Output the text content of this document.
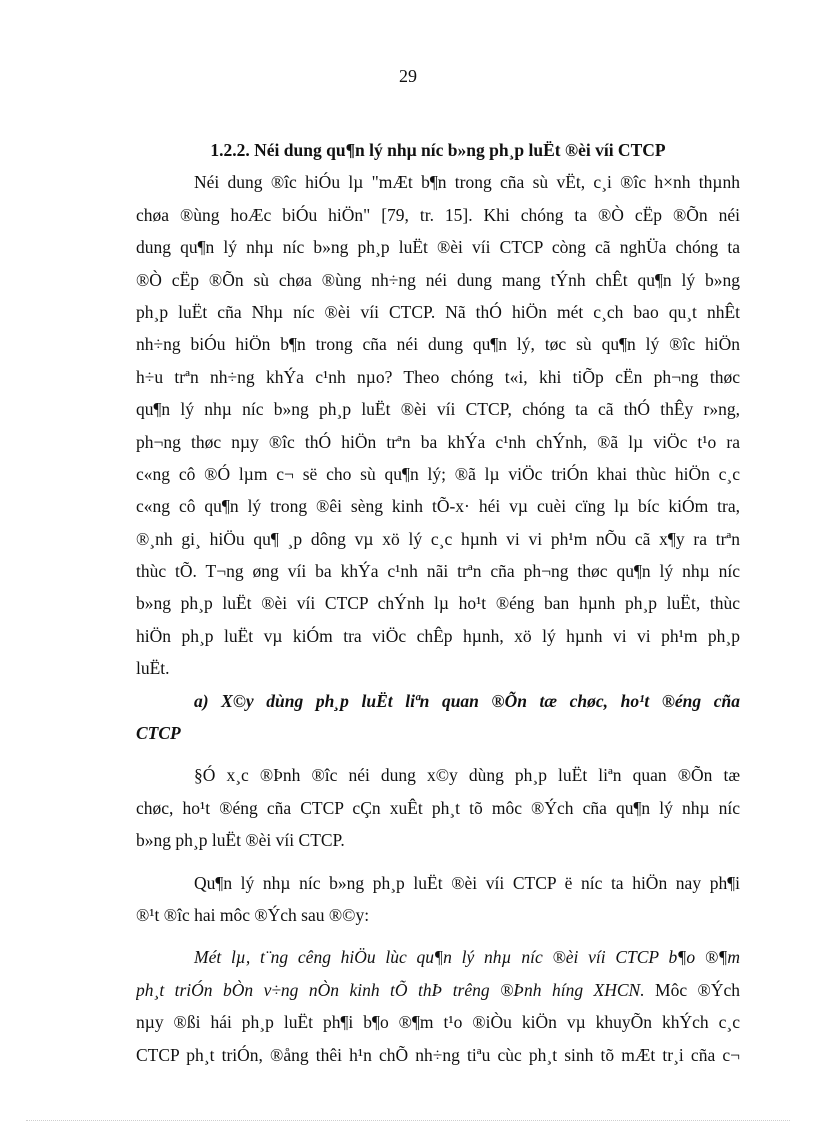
29
1.2.2. Néi dung qu¶n lý nhµ níc b»ng ph¸p luËt ®èi víi CTCP
Néi dung ®îc hiÓu lµ "mÆt b¶n trong cña sù vËt, c¸i ®îc h×nh thµnh
chøa ®ùng hoÆc biÓu hiÖn" [79, tr. 15]. Khi chóng ta ®Ò cËp ®Õn néi
dung qu¶n lý nhµ níc b»ng ph¸p luËt ®èi víi CTCP còng cã nghÜa chóng ta
®Ò cËp ®Õn sù chøa ®ùng nh÷ng néi dung mang tÝnh chÊt qu¶n lý b»ng
ph¸p luËt cña Nhµ níc ®èi víi CTCP. Nã thÓ hiÖn mét c¸ch bao qu¸t nhÊt
nh÷ng biÓu hiÖn b¶n trong cña néi dung qu¶n lý, tøc sù qu¶n lý ®îc hiÖn
h÷u trªn nh÷ng khÝa c¹nh nµo? Theo chóng t«i, khi tiÕp cËn ph¬ng thøc
qu¶n lý nhµ níc b»ng ph¸p luËt ®èi víi CTCP, chóng ta cã thÓ thÊy r»ng,
ph¬ng thøc nµy ®îc thÓ hiÖn trªn ba khÝa c¹nh chÝnh, ®ã lµ viÖc t¹o ra
c«ng cô ®Ó lµm c¬ së cho sù qu¶n lý; ®ã lµ viÖc triÓn khai thùc hiÖn c¸c
c«ng cô qu¶n lý trong ®êi sèng kinh tÕ-x· héi vµ cuèi cïng lµ bíc kiÓm tra,
®¸nh gi¸ hiÖu qu¶ ¸p dông vµ xö lý c¸c hµnh vi vi ph¹m nÕu cã x¶y ra trªn
thùc tÕ. T¬ng øng víi ba khÝa c¹nh nãi trªn cña ph¬ng thøc qu¶n lý nhµ níc
b»ng ph¸p luËt ®èi víi CTCP chÝnh lµ ho¹t ®éng ban hµnh ph¸p luËt, thùc
hiÖn ph¸p luËt vµ kiÓm tra viÖc chÊp hµnh, xö lý hµnh vi vi ph¹m ph¸p
luËt.
a) X©y dùng ph¸p luËt liªn quan ®Õn tæ chøc, ho¹t ®éng cña
CTCP
§Ó x¸c ®Þnh ®îc néi dung x©y dùng ph¸p luËt liªn quan ®Õn tæ
chøc, ho¹t ®éng cña CTCP cÇn xuÊt ph¸t tõ môc ®Ých cña qu¶n lý nhµ níc
b»ng ph¸p luËt ®èi víi CTCP.
Qu¶n lý nhµ níc b»ng ph¸p luËt ®èi víi CTCP ë níc ta hiÖn nay ph¶i
®¹t ®îc hai môc ®Ých sau ®©y:
Mét lµ, t¨ng cêng hiÖu lùc qu¶n lý nhµ níc ®èi víi CTCP b¶o ®¶m
ph¸t triÓn bÒn v÷ng nÒn kinh tÕ thÞ trêng ®Þnh híng XHCN. Môc ®Ých
nµy ®ßi hái ph¸p luËt ph¶i b¶o ®¶m t¹o ®iÒu kiÖn vµ khuyÕn khÝch c¸c
CTCP ph¸t triÓn, ®ång thêi h¹n chÕ nh÷ng tiªu cùc ph¸t sinh tõ mÆt tr¸i cña c¬
